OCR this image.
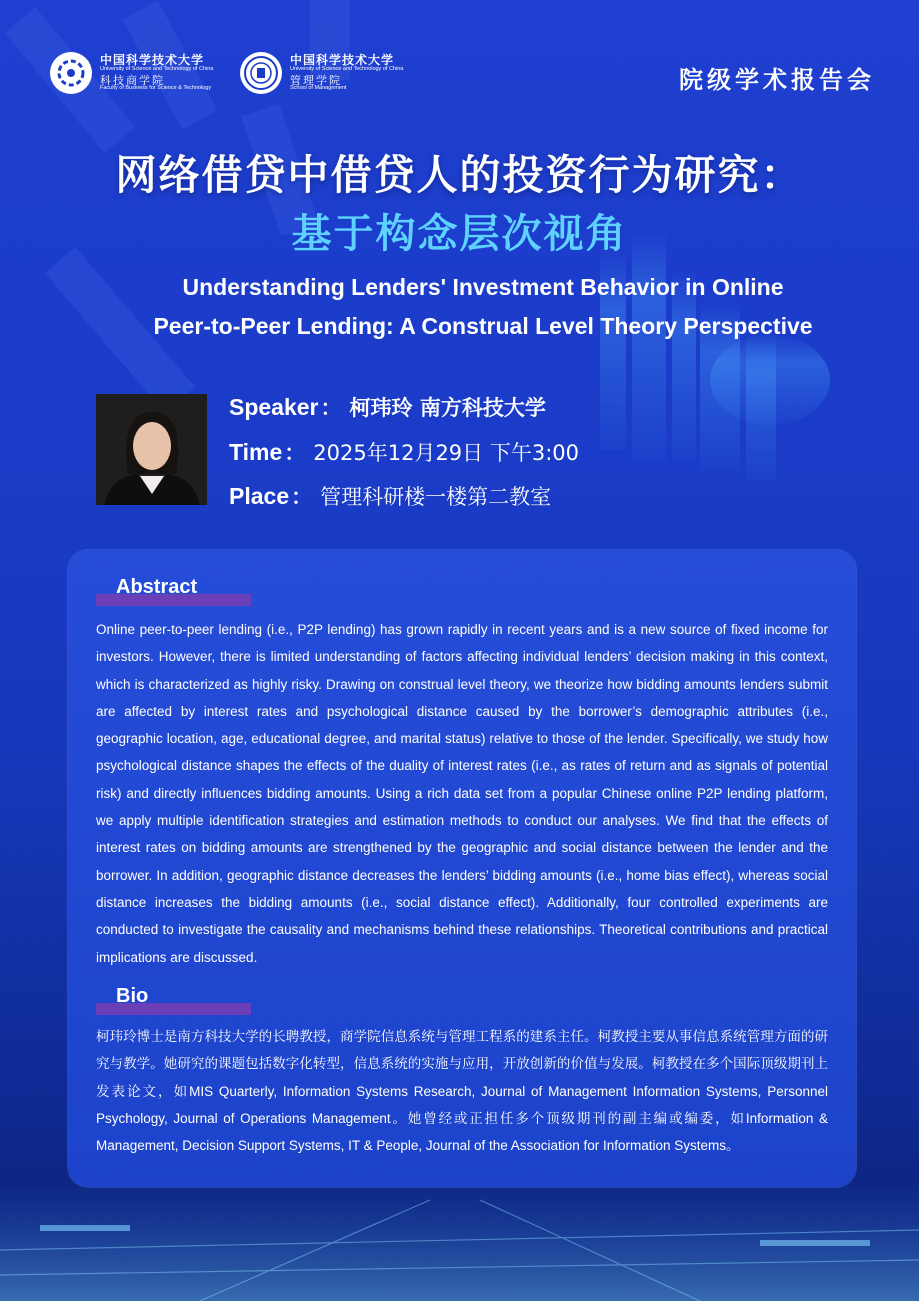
中国科学技术大学
University of Science and Technology of China
科技商学院
Faculty of Business for Science & Technology
中国科学技术大学
University of Science and Technology of China
管理学院
School of Management	院级学术报告会
网络借贷中借贷人的投资行为研究：
基于构念层次视角
Understanding Lenders' Investment Behavior in Online
Peer-to-Peer Lending: A Construal Level Theory Perspective
Speaker ： 柯玮玲 南方科技大学
Time ： 2025年12月29日 下午3:00
Place ： 管理科研楼一楼第二教室
Abstract
Online peer-to-peer lending (i.e., P2P lending) has grown rapidly in recent years and is a new source of fixed income for investors. However, there is limited understanding of factors affecting individual lenders’ decision making in this context, which is characterized as highly risky. Drawing on construal level theory, we theorize how bidding amounts lenders submit are affected by interest rates and psychological distance caused by the borrower’s demographic attributes (i.e., geographic location, age, educational degree, and marital status) relative to those of the lender. Specifically, we study how psychological distance shapes the effects of the duality of interest rates (i.e., as rates of return and as signals of potential risk) and directly influences bidding amounts. Using a rich data set from a popular Chinese online P2P lending platform, we apply multiple identification strategies and estimation methods to conduct our analyses. We find that the effects of interest rates on bidding amounts are strengthened by the geographic and social distance between the lender and the borrower. In addition, geographic distance decreases the lenders’ bidding amounts (i.e., home bias effect), whereas social distance increases the bidding amounts (i.e., social distance effect). Additionally, four controlled experiments are conducted to investigate the causality and mechanisms behind these relationships. Theoretical contributions and practical implications are discussed.
Bio
柯玮玲博士是南方科技大学的长聘教授，商学院信息系统与管理工程系的建系主任。柯教授主要从事信息系统管理方面的研究与教学。她研究的课题包括数字化转型，信息系统的实施与应用，开放创新的价值与发展。柯教授在多个国际顶级期刊上发表论文，如MIS Quarterly, Information Systems Research, Journal of Management Information Systems, Personnel Psychology, Journal of Operations Management。她曾经或正担任多个顶级期刊的副主编或编委，如Information & Management, Decision Support Systems, IT & People, Journal of the Association for Information Systems。
